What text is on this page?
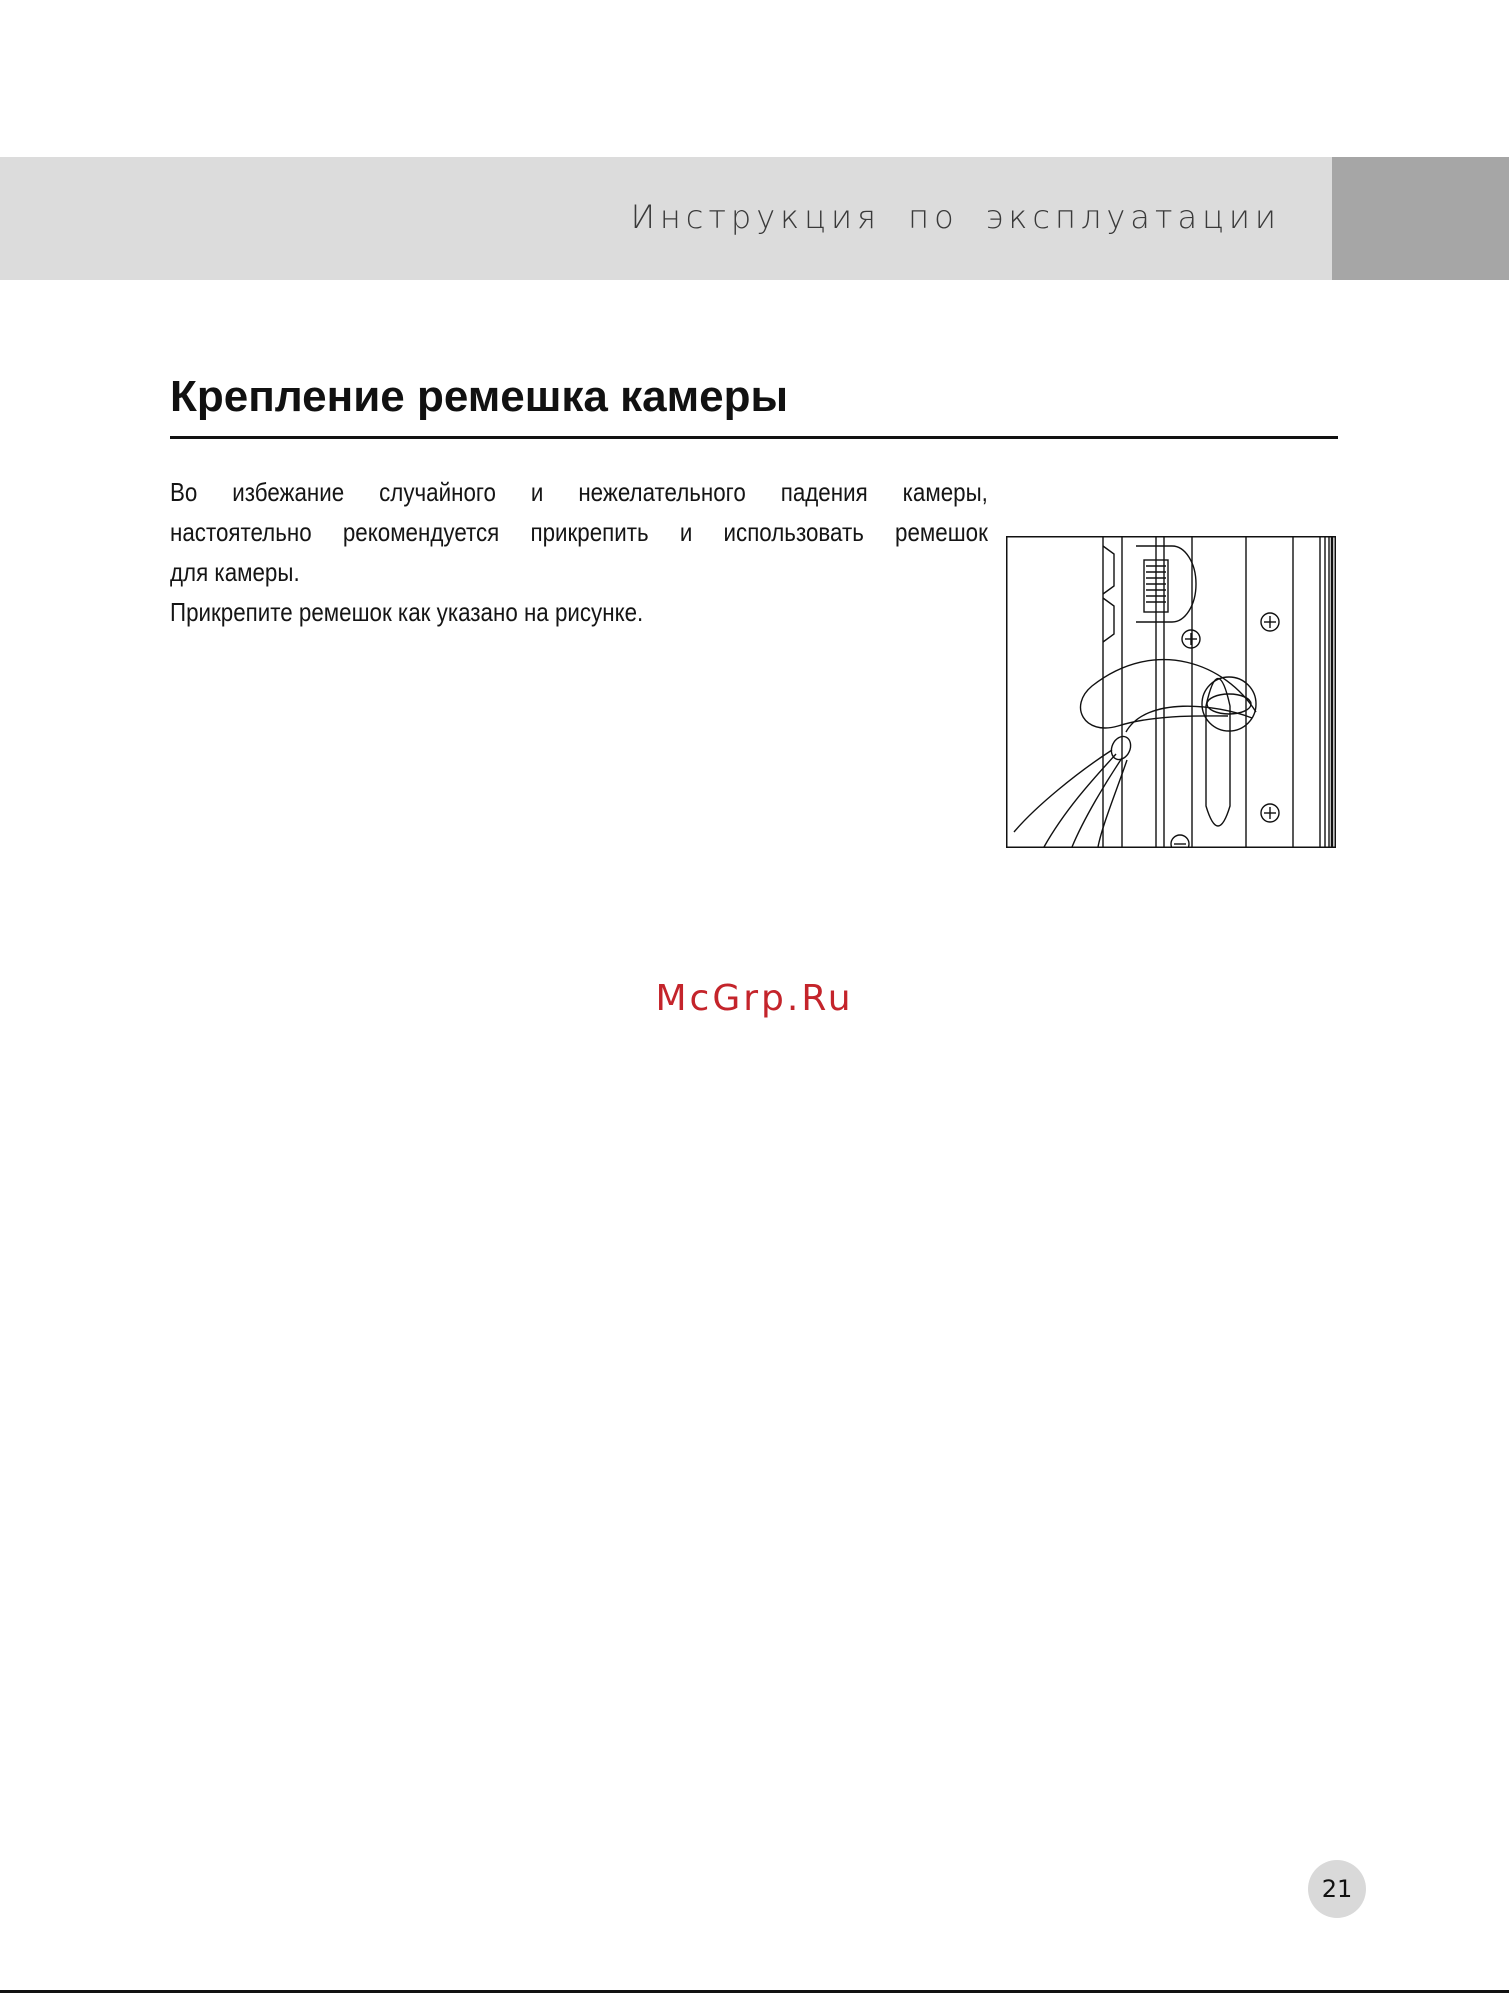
Инструкция по эксплуатации
Крепление ремешка камеры

Во избежание случайного и нежелательного падения камеры,

настоятельно рекомендуется прикрепить и использовать ремешок

для камеры.

Прикрепите ремешок как указано на рисунке.

McGrp.Ru
21
